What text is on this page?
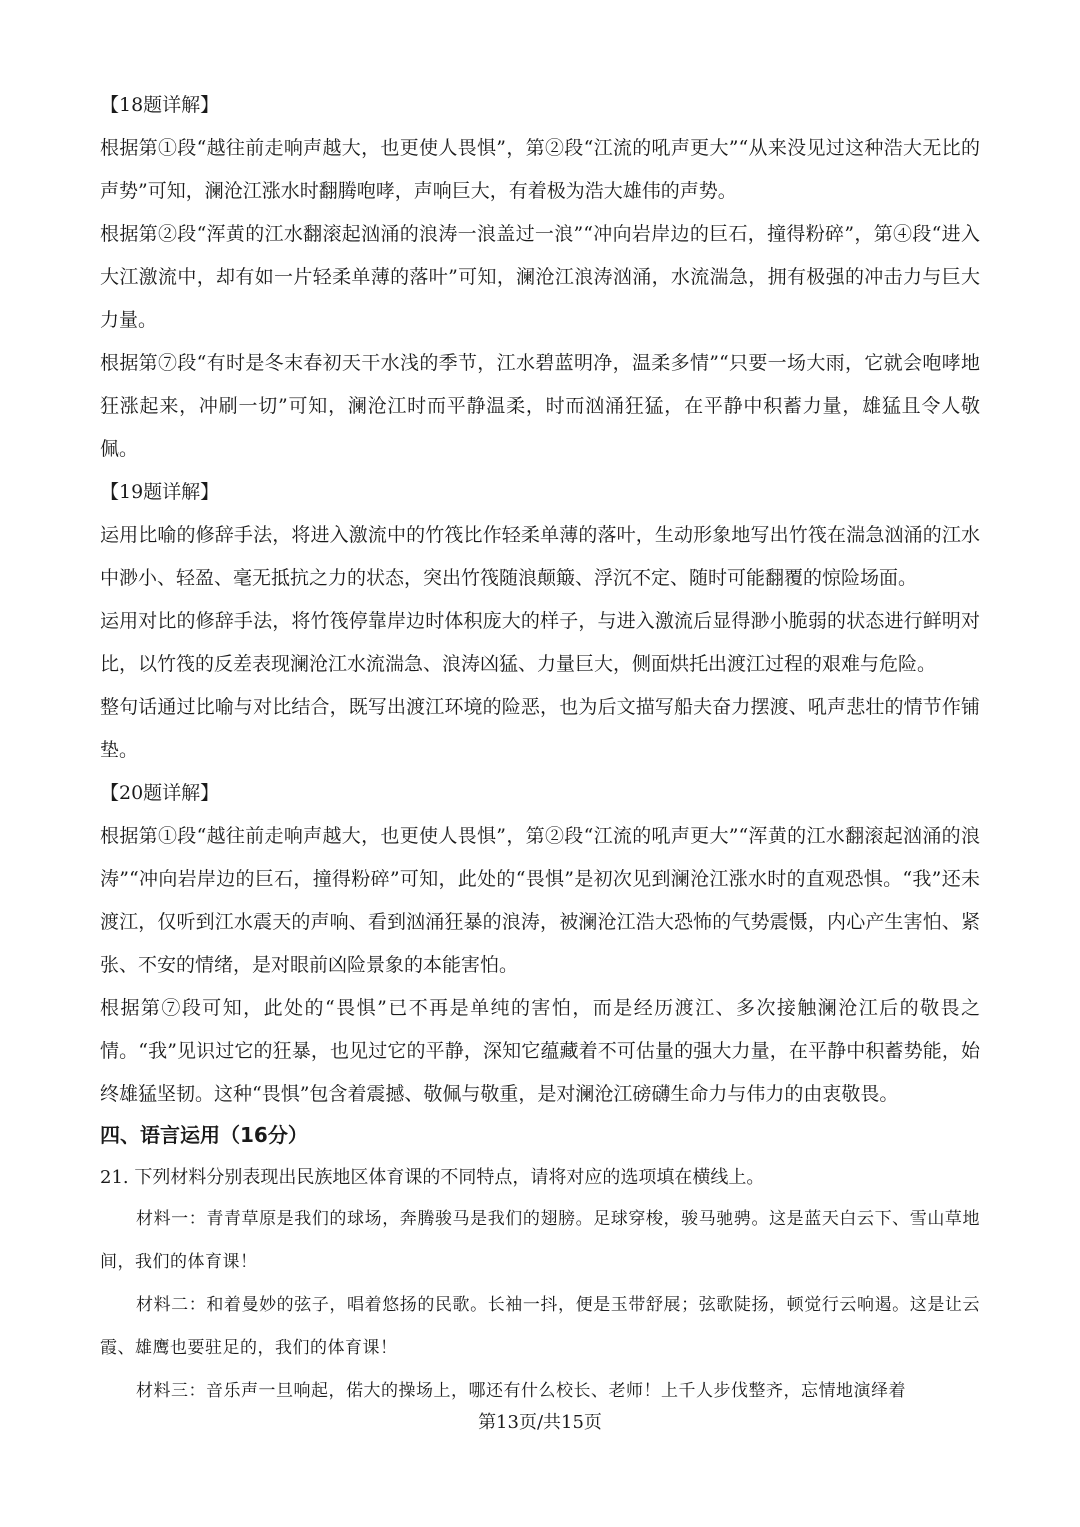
【18题详解】

根据第①段“越往前走响声越大，也更使人畏惧”，第②段“江流的吼声更大”“从来没见过这种浩大无比的声势”可知，澜沧江涨水时翻腾咆哮，声响巨大，有着极为浩大雄伟的声势。

根据第②段“浑黄的江水翻滚起汹涌的浪涛一浪盖过一浪”“冲向岩岸边的巨石，撞得粉碎”，第④段“进入大江激流中，却有如一片轻柔单薄的落叶”可知，澜沧江浪涛汹涌，水流湍急，拥有极强的冲击力与巨大力量。

根据第⑦段“有时是冬末春初天干水浅的季节，江水碧蓝明净，温柔多情”“只要一场大雨，它就会咆哮地狂涨起来，冲刷一切”可知，澜沧江时而平静温柔，时而汹涌狂猛，在平静中积蓄力量，雄猛且令人敬佩。

【19题详解】

运用比喻的修辞手法，将进入激流中的竹筏比作轻柔单薄的落叶，生动形象地写出竹筏在湍急汹涌的江水中渺小、轻盈、毫无抵抗之力的状态，突出竹筏随浪颠簸、浮沉不定、随时可能翻覆的惊险场面。

运用对比的修辞手法，将竹筏停靠岸边时体积庞大的样子，与进入激流后显得渺小脆弱的状态进行鲜明对比，以竹筏的反差表现澜沧江水流湍急、浪涛凶猛、力量巨大，侧面烘托出渡江过程的艰难与危险。

整句话通过比喻与对比结合，既写出渡江环境的险恶，也为后文描写船夫奋力摆渡、吼声悲壮的情节作铺垫。

【20题详解】

根据第①段“越往前走响声越大，也更使人畏惧”，第②段“江流的吼声更大”“浑黄的江水翻滚起汹涌的浪涛”“冲向岩岸边的巨石，撞得粉碎”可知，此处的“畏惧”是初次见到澜沧江涨水时的直观恐惧。“我”还未渡江，仅听到江水震天的声响、看到汹涌狂暴的浪涛，被澜沧江浩大恐怖的气势震慑，内心产生害怕、紧张、不安的情绪，是对眼前凶险景象的本能害怕。

根据第⑦段可知，此处的“畏惧”已不再是单纯的害怕，而是经历渡江、多次接触澜沧江后的敬畏之情。“我”见识过它的狂暴，也见过它的平静，深知它蕴藏着不可估量的强大力量，在平静中积蓄势能，始终雄猛坚韧。这种“畏惧”包含着震撼、敬佩与敬重，是对澜沧江磅礴生命力与伟力的由衷敬畏。

四、语言运用（16分）

21. 下列材料分别表现出民族地区体育课的不同特点，请将对应的选项填在横线上。

材料一：青青草原是我们的球场，奔腾骏马是我们的翅膀。足球穿梭，骏马驰骋。这是蓝天白云下、雪山草地间，我们的体育课！

材料二：和着曼妙的弦子，唱着悠扬的民歌。长袖一抖，便是玉带舒展；弦歌陡扬，顿觉行云响遏。这是让云霞、雄鹰也要驻足的，我们的体育课！

材料三：音乐声一旦响起，偌大的操场上，哪还有什么校长、老师！上千人步伐整齐，忘情地演绎着

第13页/共15页
